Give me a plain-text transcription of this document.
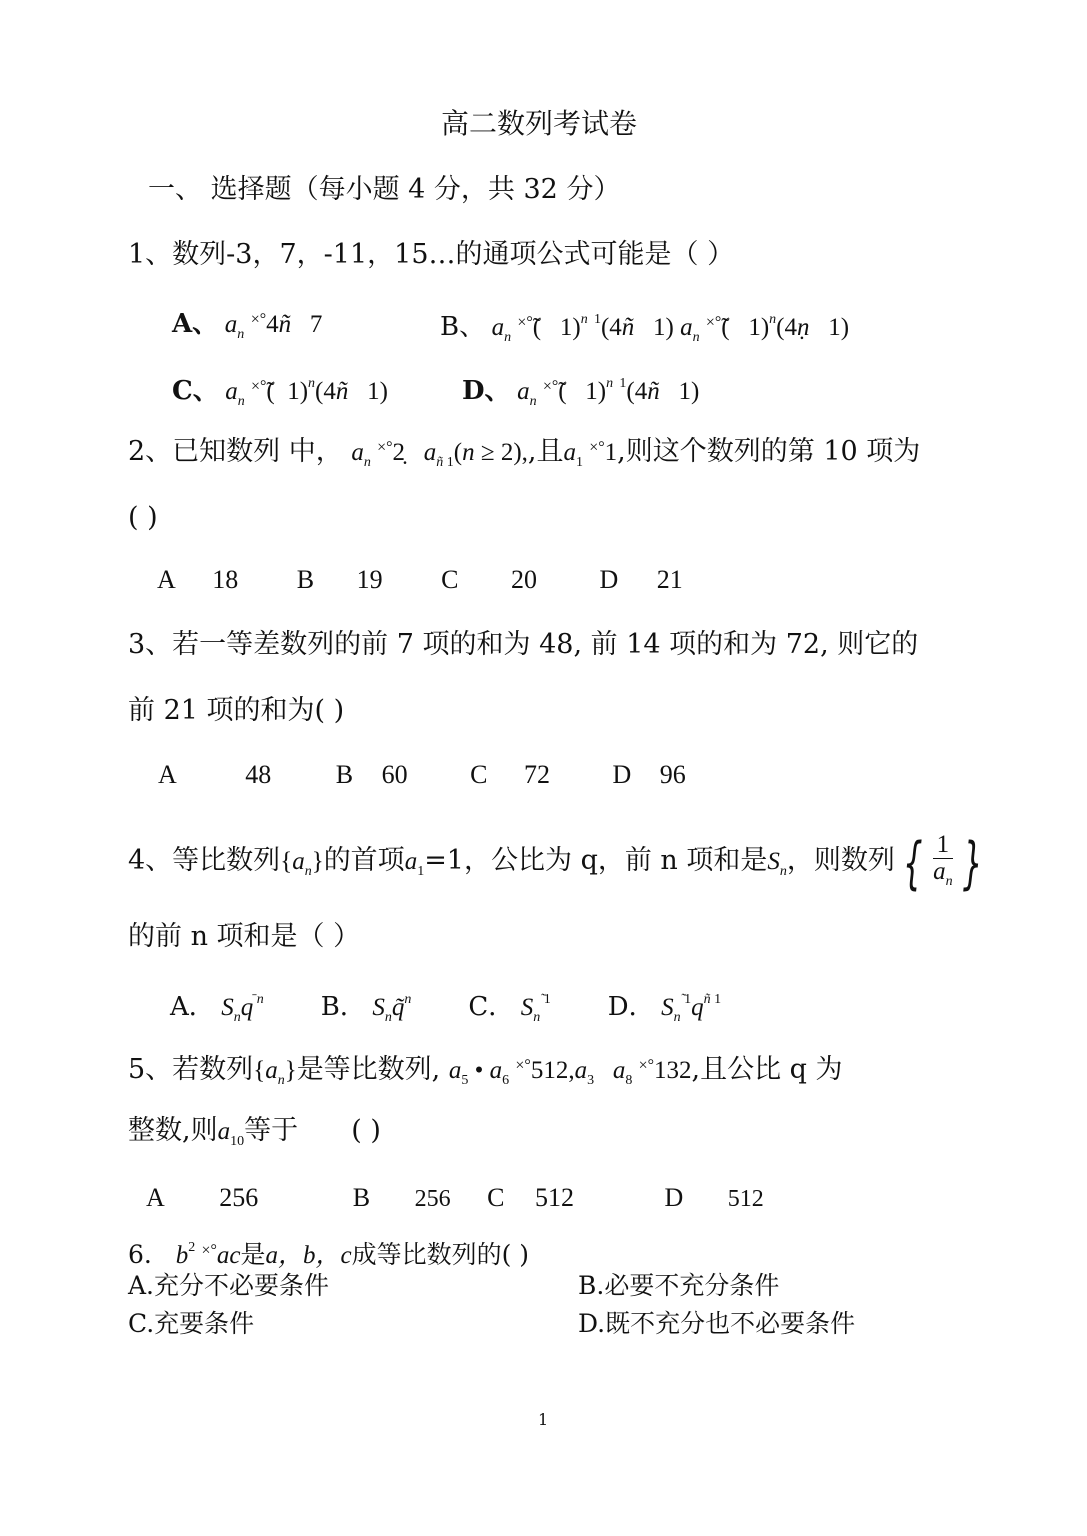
高二数列考试卷
一、 选择题（每小题 4 分，共 32 分）
1、数列-3，7，-11，15…的通项公式可能是（ ）
A、 $a_n$ ×°4ñ   7	B、 $a_n$ ×°̃(   1)$^n$ $^1$(4ñ   1) $a_n$ ×°̃(   1)$^n$(4ṇ   1)
C、 $a_n$ ×°̃(  1)$^n$(4ñ   1)	D、 $a_n$ ×°̃(   1)$^n$ $^1$(4ñ   1)
2、已知数列 中， $a_n$ ×°2̣   $a_{ñ 1}(n \ge 2)$,,且$a_1$ ×°1,则这个数列的第 10 项为
( )
A 18 B 19 C 20 D 21
3、若一等差数列的前 7 项的和为 48, 前 14 项的和为 72, 则它的
前 21 项的和为( )
A	48 B 60 C 72 D 96
4、等比数列$\{a_n\}$的首项$a_1=1$，公比为 q，前 n 项和是$S_n$，则数列 { $\frac{1}{a_n}$ }
的前 n 项和是（ ）
A． $S_nq^{̄ n}$ B． $S_nq̃^n$ C． $S_n^{̃ 1}$ D． $S_n^{̃ 1}q^{ñ 1}$
5、若数列$\{a_n\}$是等比数列, $a_5$ • $a_6$ $^{\times^\circ}512,a_3$   $a_8$ ×°132,且公比 q 为
整数,则$a_{10}$等于 ( )
A 256	B 256 C 512	D 512
6. $b^2$ ×°ac是a，b，c成等比数列的( )
A.充分不必要条件	B.必要不充分条件
C.充要条件	D.既不充分也不必要条件
1
